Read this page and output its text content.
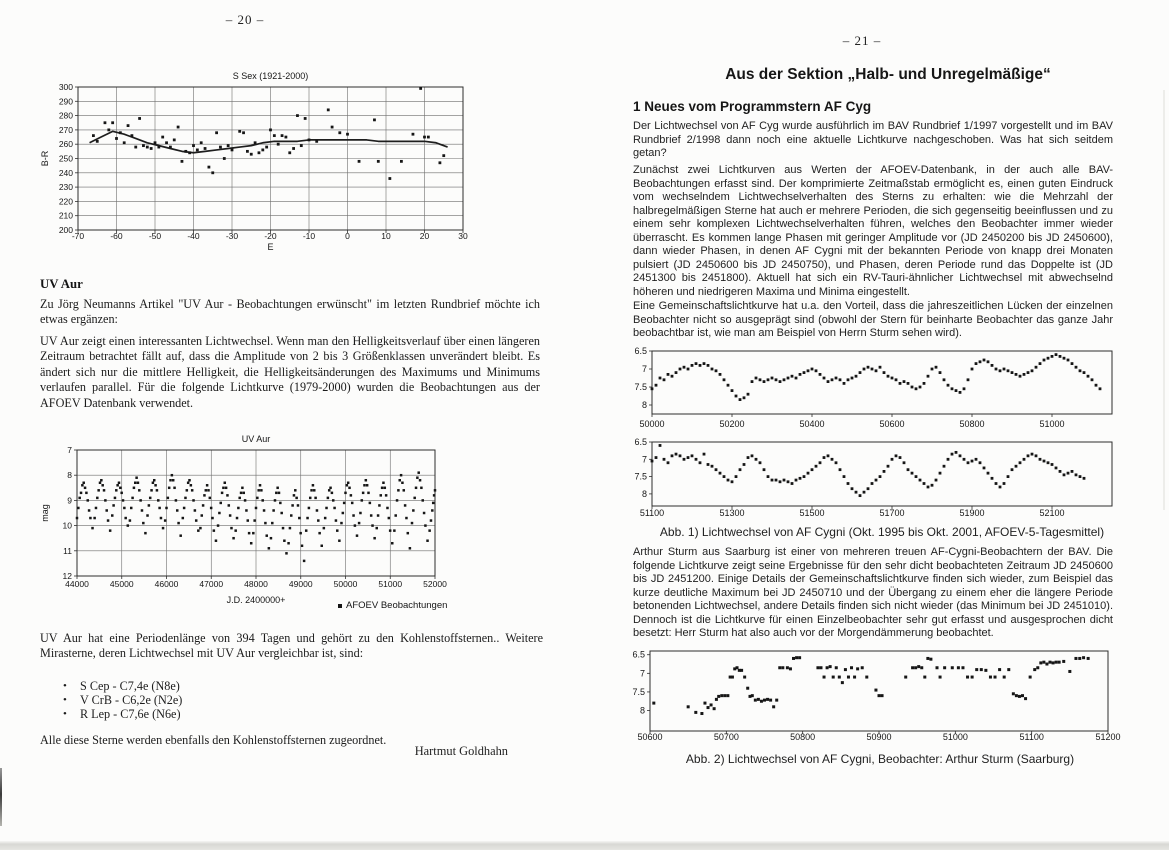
– 20 –
-70	-60	-50	-40	-30	-20	-10	0	10	20	30
300
290
280
270
260
250
240
230
220
210
200
S Sex (1921-2000)
E
B-R
UV Aur
Zu Jörg Neumanns Artikel "UV Aur - Beobachtungen erwünscht" im letzten Rundbrief möchte ich etwas ergänzen:
UV Aur zeigt einen interessanten Lichtwechsel. Wenn man den Helligkeitsverlauf über einen längeren Zeitraum betrachtet fällt auf, dass die Amplitude von 2 bis 3 Größenklassen unverändert bleibt. Es ändert sich nur die mittlere Helligkeit, die Helligkeitsänderungen des Maximums und Minimums verlaufen parallel. Für die folgende Lichtkurve (1979-2000) wurden die Beobachtungen aus der AFOEV Datenbank verwendet.
44000 45000 46000 47000 48000 49000 50000 51000 52000
7
8
9
10
11
12
UV Aur
J.D. 2400000+
mag
AFOEV Beobachtungen
UV Aur hat eine Periodenlänge von 394 Tagen und gehört zu den Kohlenstoffsternen.. Weitere Mirasterne, deren Lichtwechsel mit UV Aur vergleichbar ist, sind:
•	S Cep - C7,4e (N8e)
•	V CrB - C6,2e (N2e)
•	R Lep - C7,6e (N6e)
Alle diese Sterne werden ebenfalls den Kohlenstoffsternen zugeordnet.
Hartmut Goldhahn
– 21 –
Aus der Sektion „Halb- und Unregelmäßige“
1 Neues vom Programmstern AF Cyg
Der Lichtwechsel von AF Cyg wurde ausführlich im BAV Rundbrief 1/1997 vorgestellt und im BAV Rundbrief 2/1998 dann noch eine aktuelle Lichtkurve nachgeschoben. Was hat sich seitdem getan?
Zunächst zwei Lichtkurven aus Werten der AFOEV-Datenbank, in der auch alle BAV-Beobachtungen erfasst sind. Der komprimierte Zeitmaßstab ermöglicht es, einen guten Eindruck vom wechselndem Lichtwechselverhalten des Sterns zu erhalten: wie die Mehrzahl der halbregelmäßigen Sterne hat auch er mehrere Perioden, die sich gegenseitig beeinflussen und zu einem sehr komplexen Lichtwechselverhalten führen, welches den Beobachter immer wieder überrascht. Es kommen lange Phasen mit geringer Amplitude vor (JD 2450200 bis JD 2450600), dann wieder Phasen, in denen AF Cygni mit der bekannten Periode von knapp drei Monaten pulsiert (JD 2450600 bis JD 2450750), und Phasen, deren Periode rund das Doppelte ist (JD 2451300 bis 2451800). Aktuell hat sich ein RV-Tauri-ähnlicher Lichtwechsel mit abwechselnd höheren und niedrigeren Maxima und Minima eingestellt.
Eine Gemeinschaftslichtkurve hat u.a. den Vorteil, dass die jahreszeitlichen Lücken der einzelnen Beobachter nicht so ausgeprägt sind (obwohl der Stern für beinharte Beobachter das ganze Jahr beobachtbar ist, wie man am Beispiel von Herrn Sturm sehen wird).
50000	50200	50400	50600	50800	51000
6.5
7
7.5
8
51100	51300	51500	51700	51900	52100
6.5
7
7.5
8
Abb. 1) Lichtwechsel von AF Cygni (Okt. 1995 bis Okt. 2001, AFOEV-5-Tagesmittel)
Arthur Sturm aus Saarburg ist einer von mehreren treuen AF-Cygni-Beobachtern der BAV. Die folgende Lichtkurve zeigt seine Ergebnisse für den sehr dicht beobachteten Zeitraum JD 2450600 bis JD 2451200. Einige Details der Gemeinschaftslichtkurve finden sich wieder, zum Beispiel das kurze deutliche Maximum bei JD 2450710 und der Übergang zu einem eher die längere Periode betonenden Lichtwechsel, andere Details finden sich nicht wieder (das Minimum bei JD 2451010). Dennoch ist die Lichtkurve für einen Einzelbeobachter sehr gut erfasst und ausgesprochen dicht besetzt: Herr Sturm hat also auch vor der Morgendämmerung beobachtet.
50600	50700	50800	50900	51000	51100	51200
6.5
7
7.5
8
Abb. 2) Lichtwechsel von AF Cygni, Beobachter: Arthur Sturm (Saarburg)
